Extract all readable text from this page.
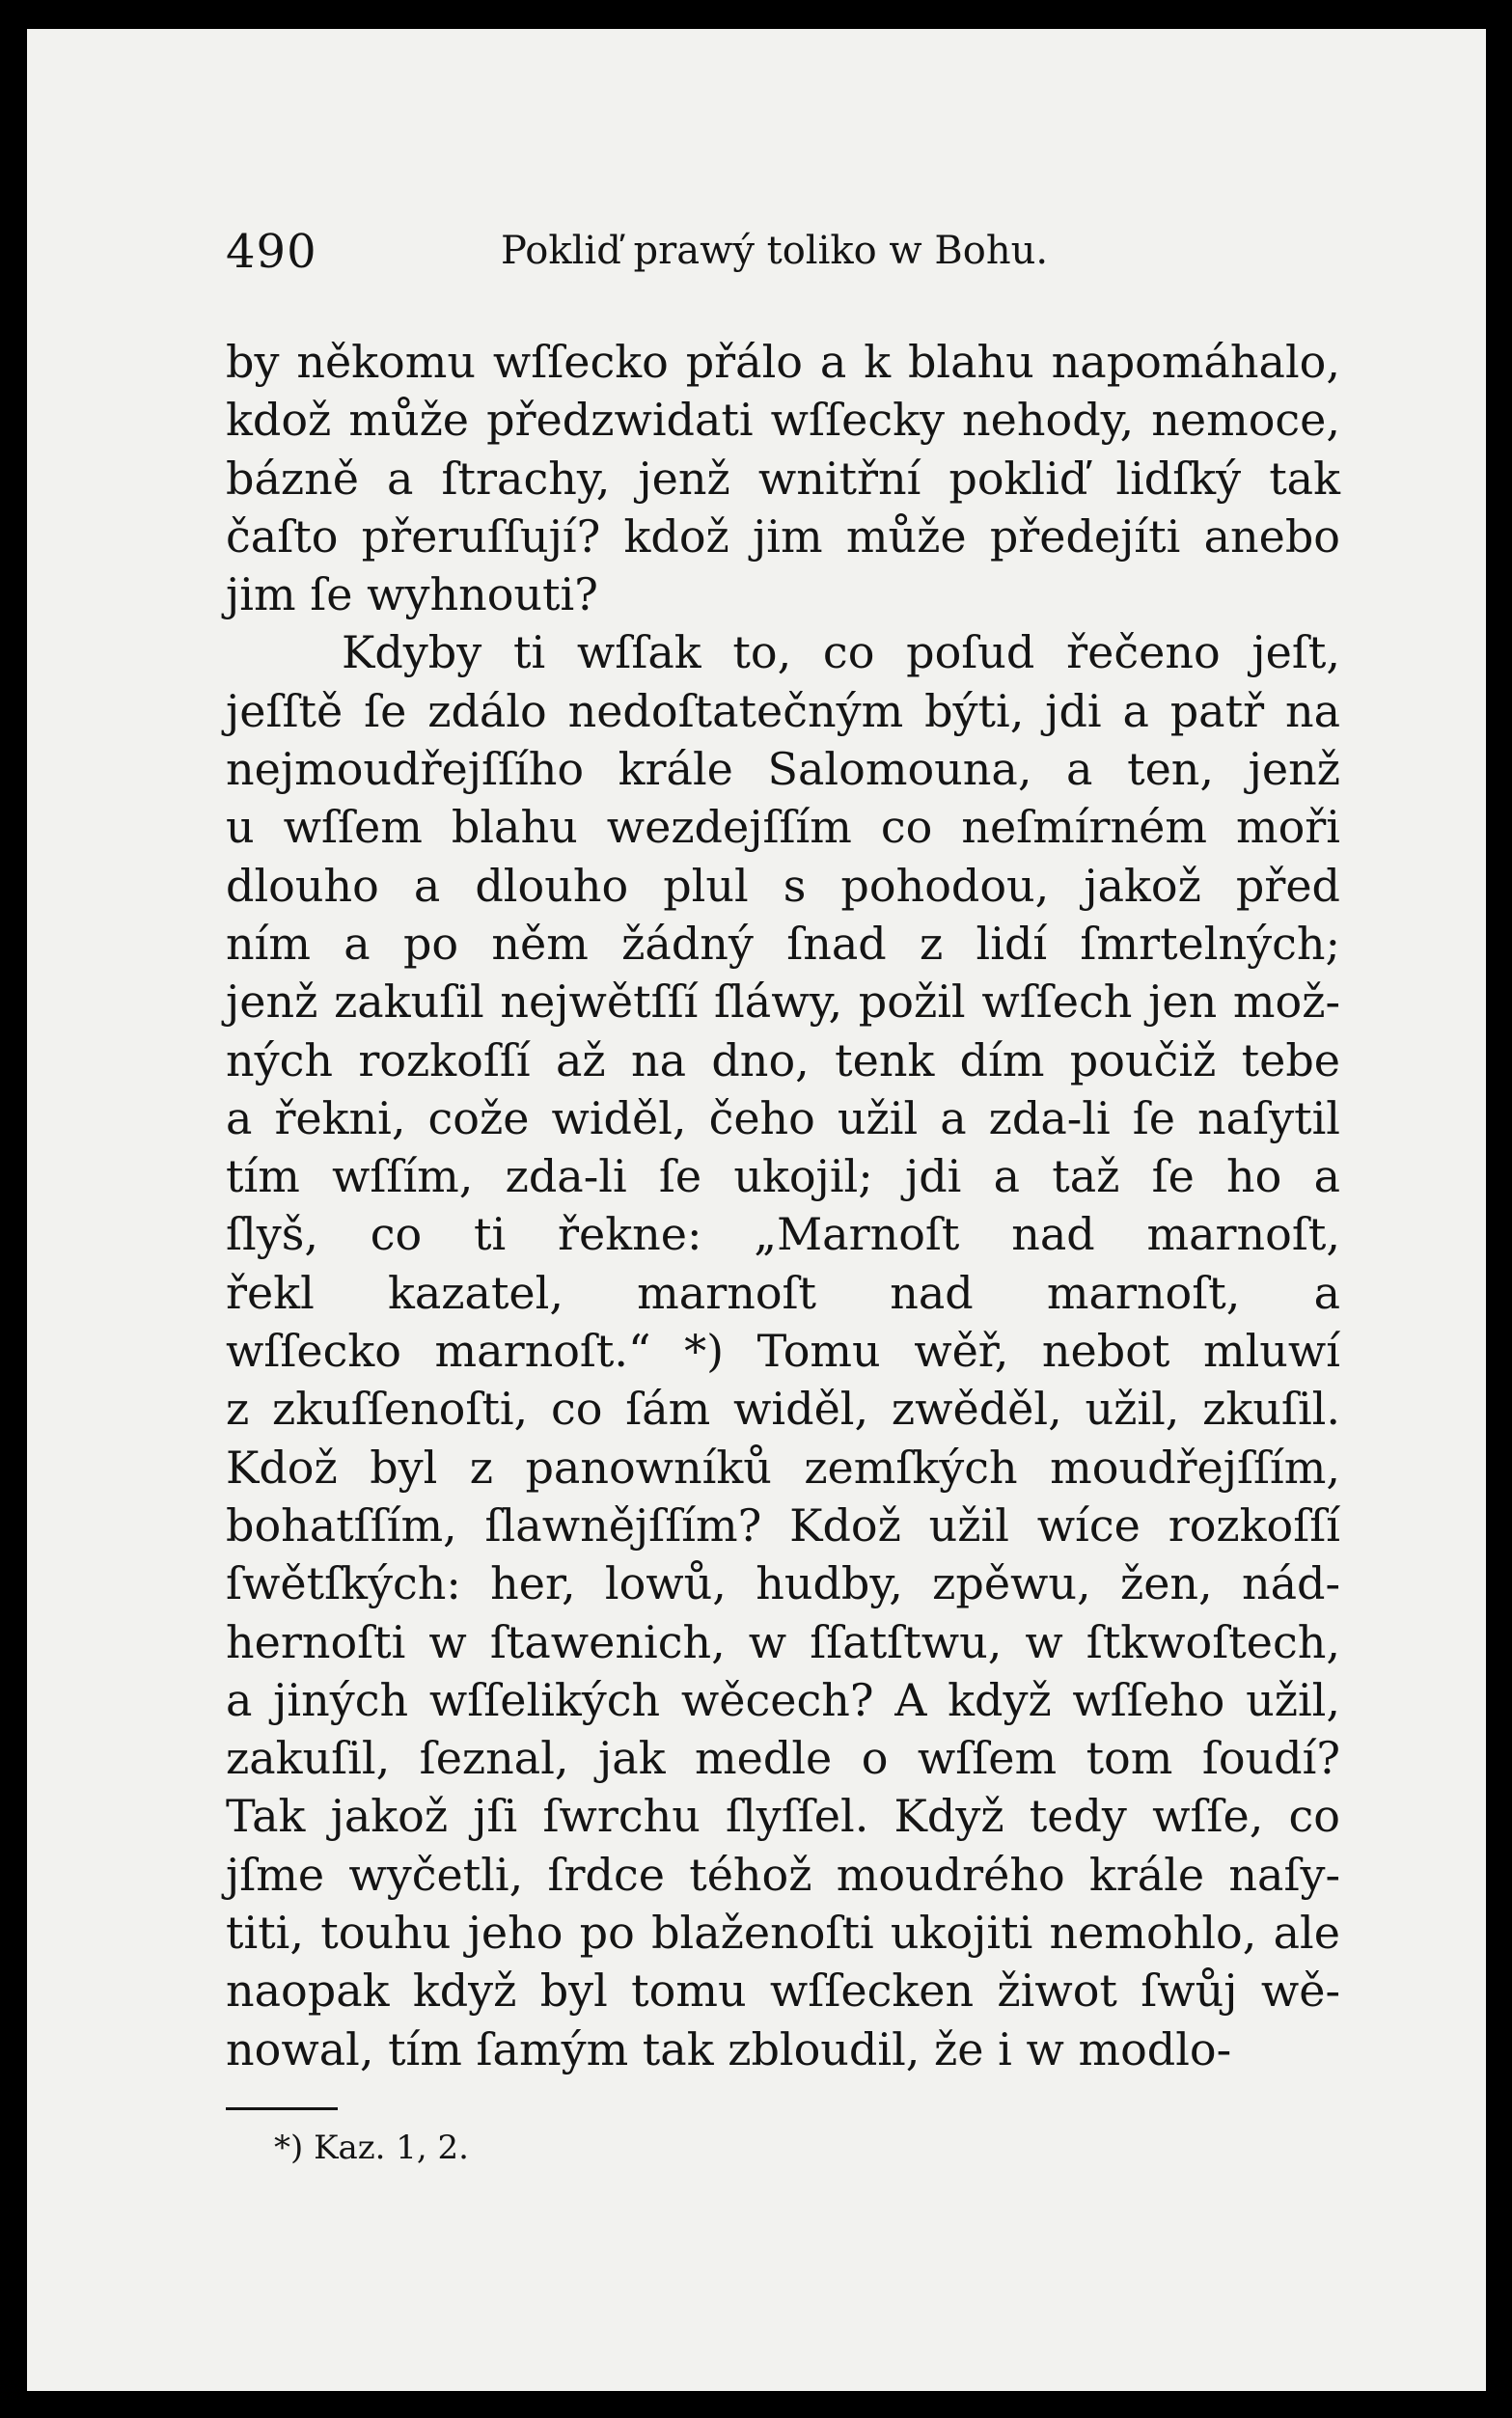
490	Pokliď prawý toliko w Bohu.
by někomu wſſecko přálo a k blahu napomáhalo,
kdož může předzwidati wſſecky nehody, nemoce,
bázně a ſtrachy, jenž wnitřní pokliď lidſký tak
čaſto přeruſſují? kdož jim může předejíti anebo
jim ſe wyhnouti?
Kdyby ti wſſak to, co poſud řečeno jeſt,
jeſſtě ſe zdálo nedoſtatečným býti, jdi a patř na
nejmoudřejſſího krále Salomouna, a ten, jenž
u wſſem blahu wezdejſſím co neſmírném moři
dlouho a dlouho plul s pohodou, jakož před
ním a po něm žádný ſnad z lidí ſmrtelných;
jenž zakuſil nejwětſſí ſláwy, požil wſſech jen mož-
ných rozkoſſí až na dno, tenk dím poučiž tebe
a řekni, cože widěl, čeho užil a zda-li ſe naſytil
tím wſſím, zda-li ſe ukojil; jdi a taž ſe ho a
ſlyš, co ti řekne: „Marnoſt nad marnoſt,
řekl kazatel, marnoſt nad marnoſt, a
wſſecko marnoſt.“ *) Tomu wěř, nebot mluwí
z zkuſſenoſti, co ſám widěl, zwěděl, užil, zkuſil.
Kdož byl z panowníků zemſkých moudřejſſím,
bohatſſím, ſlawnějſſím? Kdož užil wíce rozkoſſí
ſwětſkých: her, lowů, hudby, zpěwu, žen, nád-
hernoſti w ſtawenich, w ſſatſtwu, w ſtkwoſtech,
a jiných wſſelikých wěcech? A když wſſeho užil,
zakuſil, ſeznal, jak medle o wſſem tom ſoudí?
Tak jakož jſi ſwrchu ſlyſſel. Když tedy wſſe, co
jſme wyčetli, ſrdce téhož moudrého krále naſy-
titi, touhu jeho po blaženoſti ukojiti nemohlo, ale
naopak když byl tomu wſſecken žiwot ſwůj wě-
nowal, tím ſamým tak zbloudil, že i w modlo-
*) Kaz. 1, 2.
